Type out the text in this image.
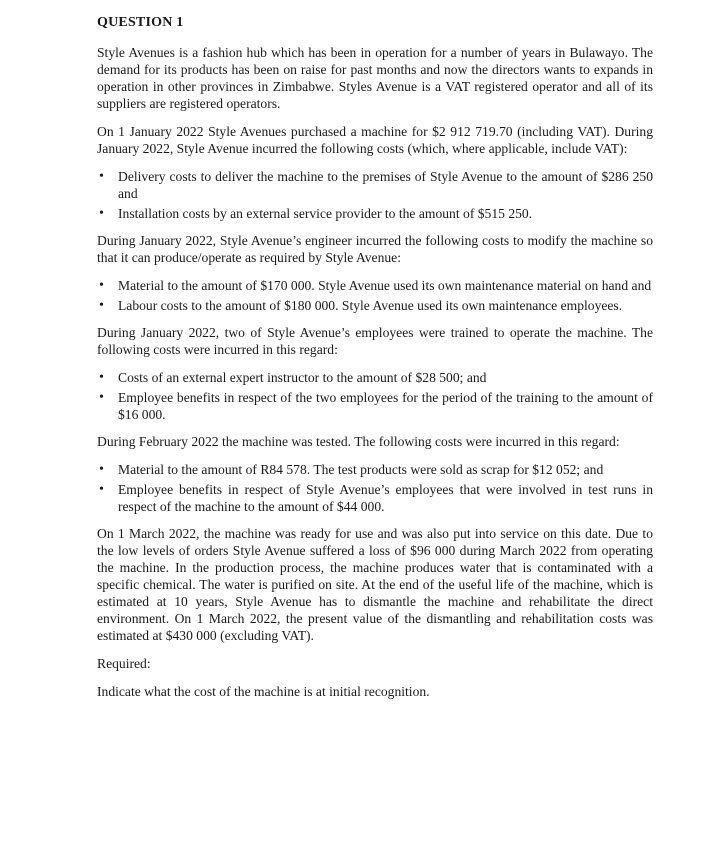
QUESTION 1

Style Avenues is a fashion hub which has been in operation for a number of years in Bulawayo. The demand for its products has been on raise for past months and now the directors wants to expands in operation in other provinces in Zimbabwe. Styles Avenue is a VAT registered operator and all of its suppliers are registered operators.

On 1 January 2022 Style Avenues purchased a machine for $2 912 719.70 (including VAT). During January 2022, Style Avenue incurred the following costs (which, where applicable, include VAT):

• Delivery costs to deliver the machine to the premises of Style Avenue to the amount of $286 250 and
• Installation costs by an external service provider to the amount of $515 250.

During January 2022, Style Avenue’s engineer incurred the following costs to modify the machine so that it can produce/operate as required by Style Avenue:

• Material to the amount of $170 000. Style Avenue used its own maintenance material on hand and
• Labour costs to the amount of $180 000. Style Avenue used its own maintenance employees.

During January 2022, two of Style Avenue’s employees were trained to operate the machine. The following costs were incurred in this regard:

• Costs of an external expert instructor to the amount of $28 500; and
• Employee benefits in respect of the two employees for the period of the training to the amount of $16 000.

During February 2022 the machine was tested. The following costs were incurred in this regard:

• Material to the amount of R84 578. The test products were sold as scrap for $12 052; and
• Employee benefits in respect of Style Avenue’s employees that were involved in test runs in respect of the machine to the amount of $44 000.

On 1 March 2022, the machine was ready for use and was also put into service on this date. Due to the low levels of orders Style Avenue suffered a loss of $96 000 during March 2022 from operating the machine. In the production process, the machine produces water that is contaminated with a specific chemical. The water is purified on site. At the end of the useful life of the machine, which is estimated at 10 years, Style Avenue has to dismantle the machine and rehabilitate the direct environment. On 1 March 2022, the present value of the dismantling and rehabilitation costs was estimated at $430 000 (excluding VAT).

Required:

Indicate what the cost of the machine is at initial recognition.
